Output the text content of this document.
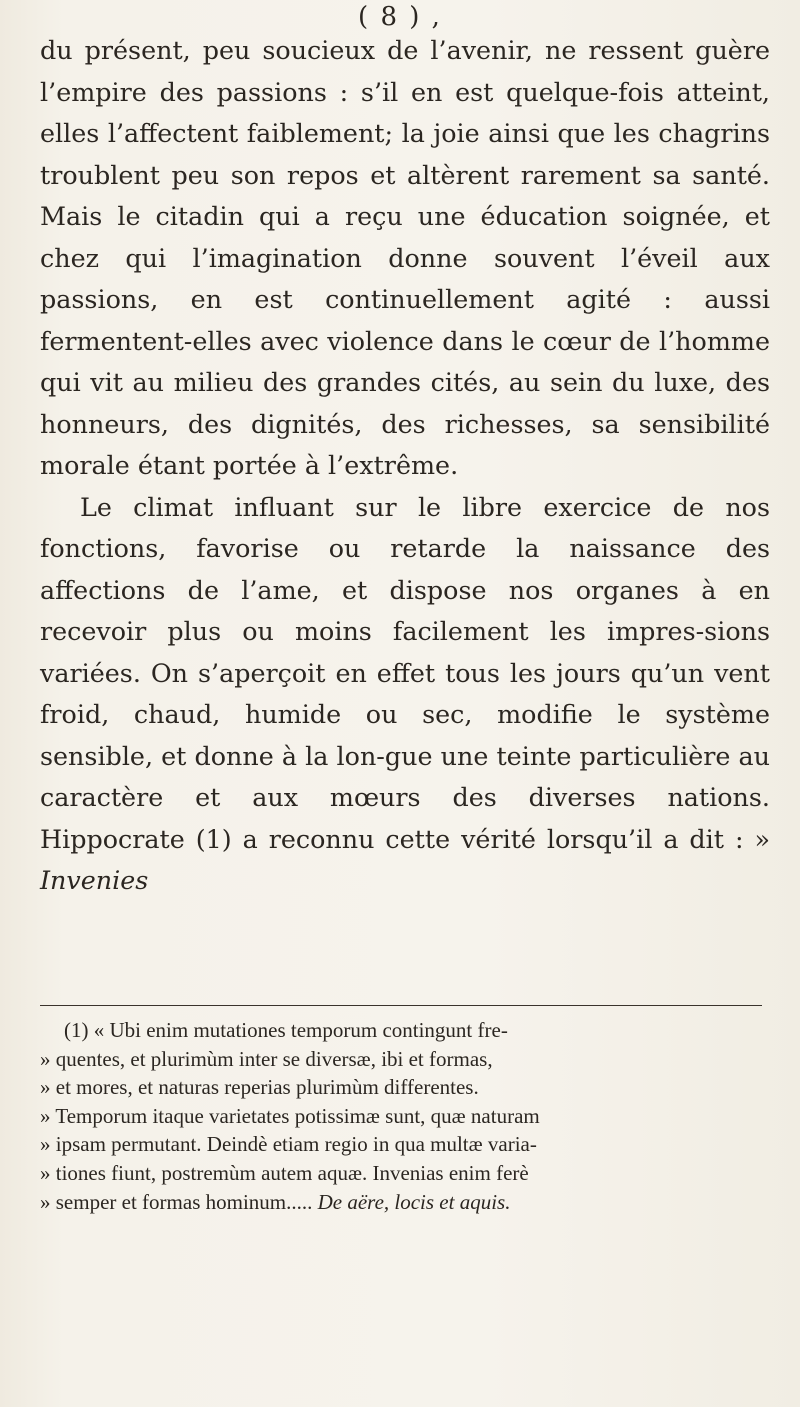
( 8 ) ,

du présent, peu soucieux de l’avenir, ne ressent guère l’empire des passions : s’il en est quelque-fois atteint, elles l’affectent faiblement; la joie ainsi que les chagrins troublent peu son repos et altèrent rarement sa santé. Mais le citadin qui a reçu une éducation soignée, et chez qui l’imagination donne souvent l’éveil aux passions, en est continuellement agité : aussi fermentent-elles avec violence dans le cœur de l’homme qui vit au milieu des grandes cités, au sein du luxe, des honneurs, des dignités, des richesses, sa sensibilité morale étant portée à l’extrême.

Le climat influant sur le libre exercice de nos fonctions, favorise ou retarde la naissance des affections de l’ame, et dispose nos organes à en recevoir plus ou moins facilement les impres-sions variées. On s’aperçoit en effet tous les jours qu’un vent froid, chaud, humide ou sec, modifie le système sensible, et donne à la lon-gue une teinte particulière au caractère et aux mœurs des diverses nations. Hippocrate (1) a reconnu cette vérité lorsqu’il a dit : » Invenies

(1) « Ubi enim mutationes temporum contingunt fre-
» quentes, et plurimùm inter se diversæ, ibi et formas,
» et mores, et naturas reperias plurimùm differentes.
» Temporum itaque varietates potissimæ sunt, quæ naturam
» ipsam permutant. Deindè etiam regio in qua multæ varia-
» tiones fiunt, postremùm autem aquæ. Invenias enim ferè
» semper et formas hominum..... De aëre, locis et aquis.
